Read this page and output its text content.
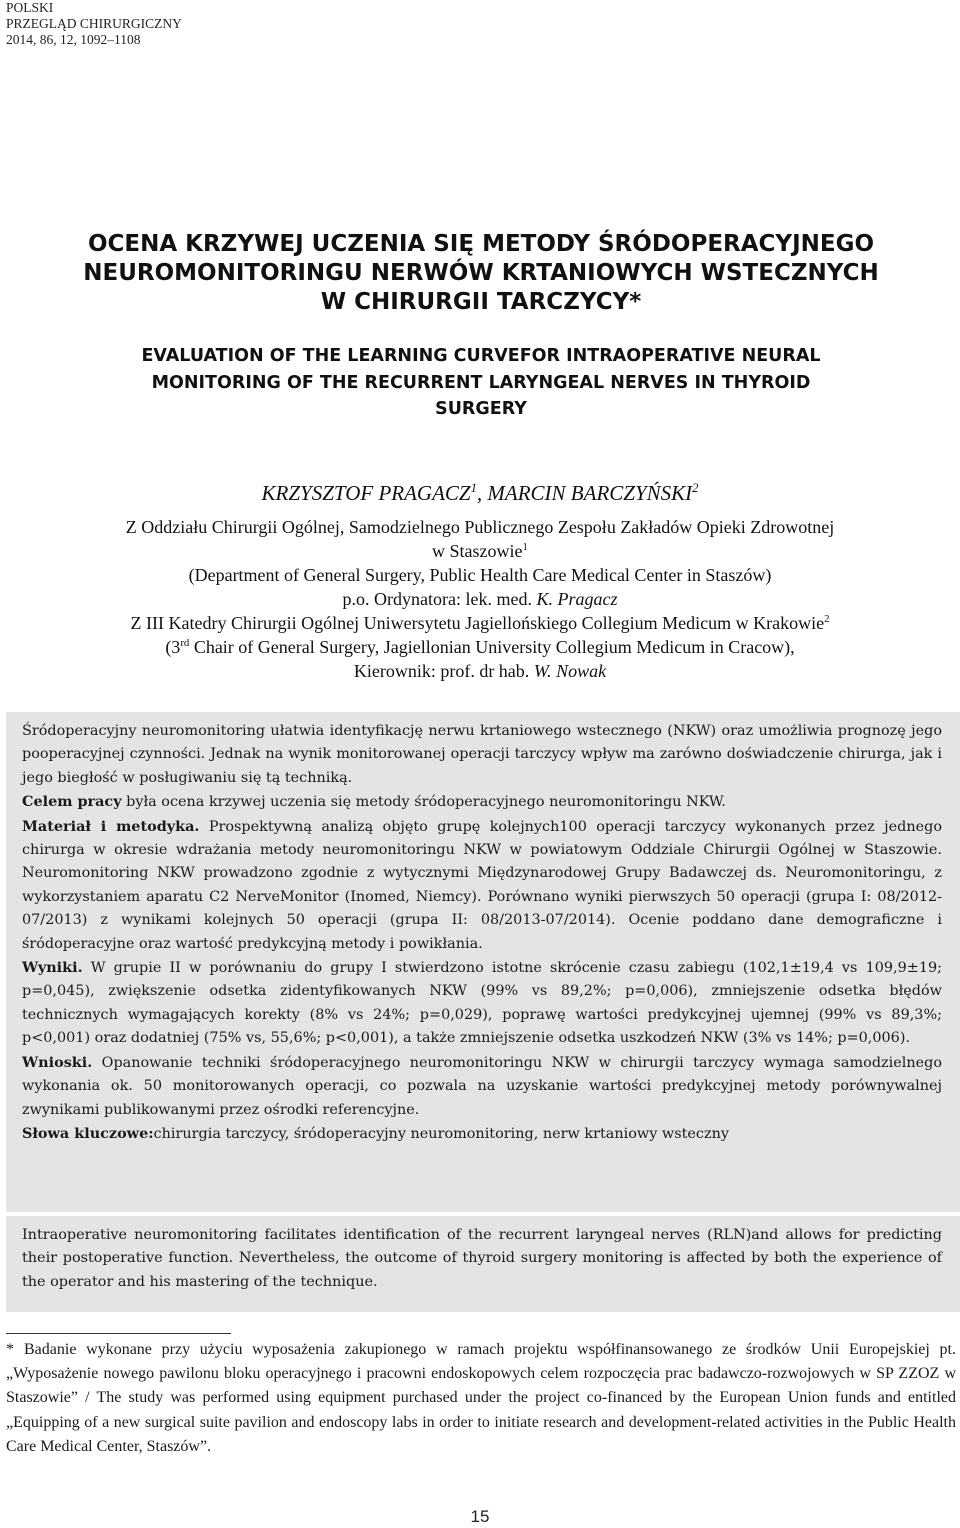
POLSKI
PRZEGLĄD CHIRURGICZNY
2014, 86, 12, 1092–1108
OCENA KRZYWEJ UCZENIA SIĘ METODY ŚRÓDOPERACYJNEGO
NEUROMONITORINGU NERWÓW KRTANIOWYCH WSTECZNYCH
W CHIRURGII TARCZYCY*
EVALUATION OF THE LEARNING CURVEFOR INTRAOPERATIVE NEURAL
MONITORING OF THE RECURRENT LARYNGEAL NERVES IN THYROID
SURGERY
KRZYSZTOF PRAGACZ$^1$, MARCIN BARCZYŃSKI$^2$
Z Oddziału Chirurgii Ogólnej, Samodzielnego Publicznego Zespołu Zakładów Opieki Zdrowotnej
w Staszowie$^1$
(Department of General Surgery, Public Health Care Medical Center in Staszów)
p.o. Ordynatora: lek. med. K. Pragacz
Z III Katedry Chirurgii Ogólnej Uniwersytetu Jagiellońskiego Collegium Medicum w Krakowie$^2$
(3rd Chair of General Surgery, Jagiellonian University Collegium Medicum in Cracow),
Kierownik: prof. dr hab. W. Nowak

Śródoperacyjny neuromonitoring ułatwia identyfikację nerwu krtaniowego wstecznego (NKW) oraz umożliwia prognozę jego pooperacyjnej czynności. Jednak na wynik monitorowanej operacji tarczycy wpływ ma zarówno doświadczenie chirurga, jak i jego biegłość w posługiwaniu się tą techniką.

Celem pracy była ocena krzywej uczenia się metody śródoperacyjnego neuromonitoringu NKW.

Materiał i metodyka. Prospektywną analizą objęto grupę kolejnych100 operacji tarczycy wykonanych przez jednego chirurga w okresie wdrażania metody neuromonitoringu NKW w powiatowym Oddziale Chirurgii Ogólnej w Staszowie. Neuromonitoring NKW prowadzono zgodnie z wytycznymi Międzynarodowej Grupy Badawczej ds. Neuromonitoringu, z wykorzystaniem aparatu C2 NerveMonitor (Inomed, Niemcy). Porównano wyniki pierwszych 50 operacji (grupa I: 08/2012-07/2013) z wynikami kolejnych 50 operacji (grupa II: 08/2013-07/2014). Ocenie poddano dane demograficzne i śródoperacyjne oraz wartość predykcyjną metody i powikłania.

Wyniki. W grupie II w porównaniu do grupy I stwierdzono istotne skrócenie czasu zabiegu (102,1±19,4 vs 109,9±19; p=0,045), zwiększenie odsetka zidentyfikowanych NKW (99% vs 89,2%; p=0,006), zmniejszenie odsetka błędów technicznych wymagających korekty (8% vs 24%; p=0,029), poprawę wartości predykcyjnej ujemnej (99% vs 89,3%; p<0,001) oraz dodatniej (75% vs, 55,6%; p<0,001), a także zmniejszenie odsetka uszkodzeń NKW (3% vs 14%; p=0,006).

Wnioski. Opanowanie techniki śródoperacyjnego neuromonitoringu NKW w chirurgii tarczycy wymaga samodzielnego wykonania ok. 50 monitorowanych operacji, co pozwala na uzyskanie wartości predykcyjnej metody porównywalnej zwynikami publikowanymi przez ośrodki referencyjne.

Słowa kluczowe:chirurgia tarczycy, śródoperacyjny neuromonitoring, nerw krtaniowy wsteczny

Intraoperative neuromonitoring facilitates identification of the recurrent laryngeal nerves (RLN)and allows for predicting their postoperative function. Nevertheless, the outcome of thyroid surgery monitoring is affected by both the experience of the operator and his mastering of the technique.
* Badanie wykonane przy użyciu wyposażenia zakupionego w ramach projektu współfinansowanego ze środków Unii Europejskiej pt. „Wyposażenie nowego pawilonu bloku operacyjnego i pracowni endoskopowych celem rozpoczęcia prac badawczo-rozwojowych w SP ZZOZ w Staszowie” / The study was performed using equipment purchased under the project co-financed by the European Union funds and entitled „Equipping of a new surgical suite pavilion and endoscopy labs in order to initiate research and development-related activities in the Public Health Care Medical Center, Staszów”.
15
